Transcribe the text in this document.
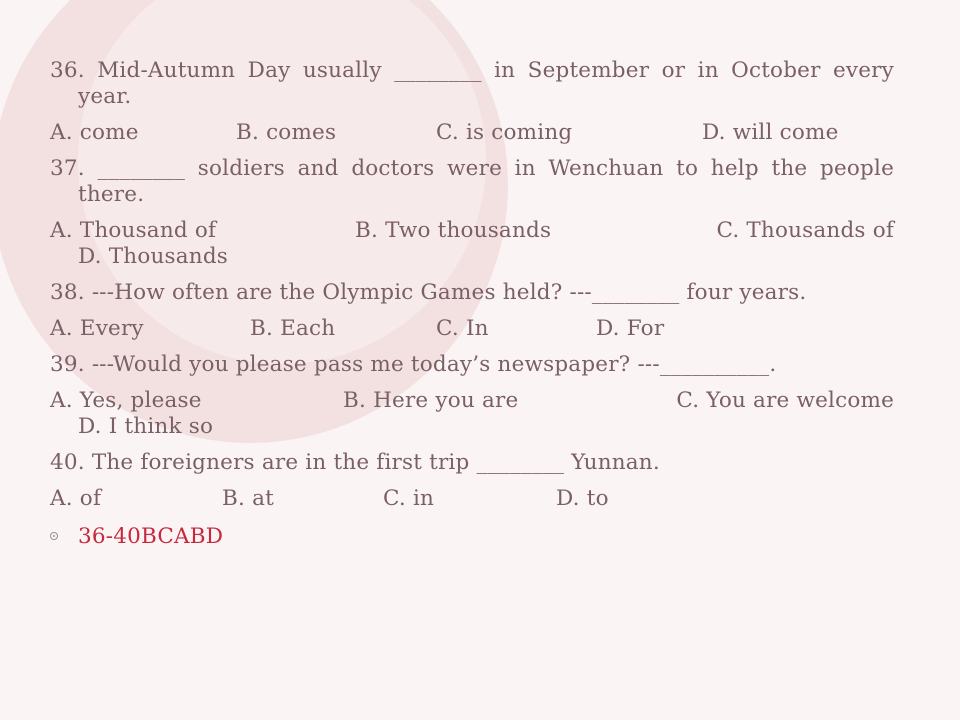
36. Mid-Autumn Day usually ________ in September or in October every year.
A. come	B. comes	C. is coming	D. will come
37. ________ soldiers and doctors were in Wenchuan to help the people there.
A. Thousand of	B. Two thousands	C. Thousands of
D. Thousands
38. ---How often are the Olympic Games held? ---________ four years.
A. Every	B. Each	C. In	D. For
39. ---Would you please pass me today’s newspaper? ---__________.
A. Yes, please	B. Here you are	C. You are welcome
D. I think so
40. The foreigners are in the first trip ________ Yunnan.
A. of	B. at	C. in	D. to
36-40BCABD
